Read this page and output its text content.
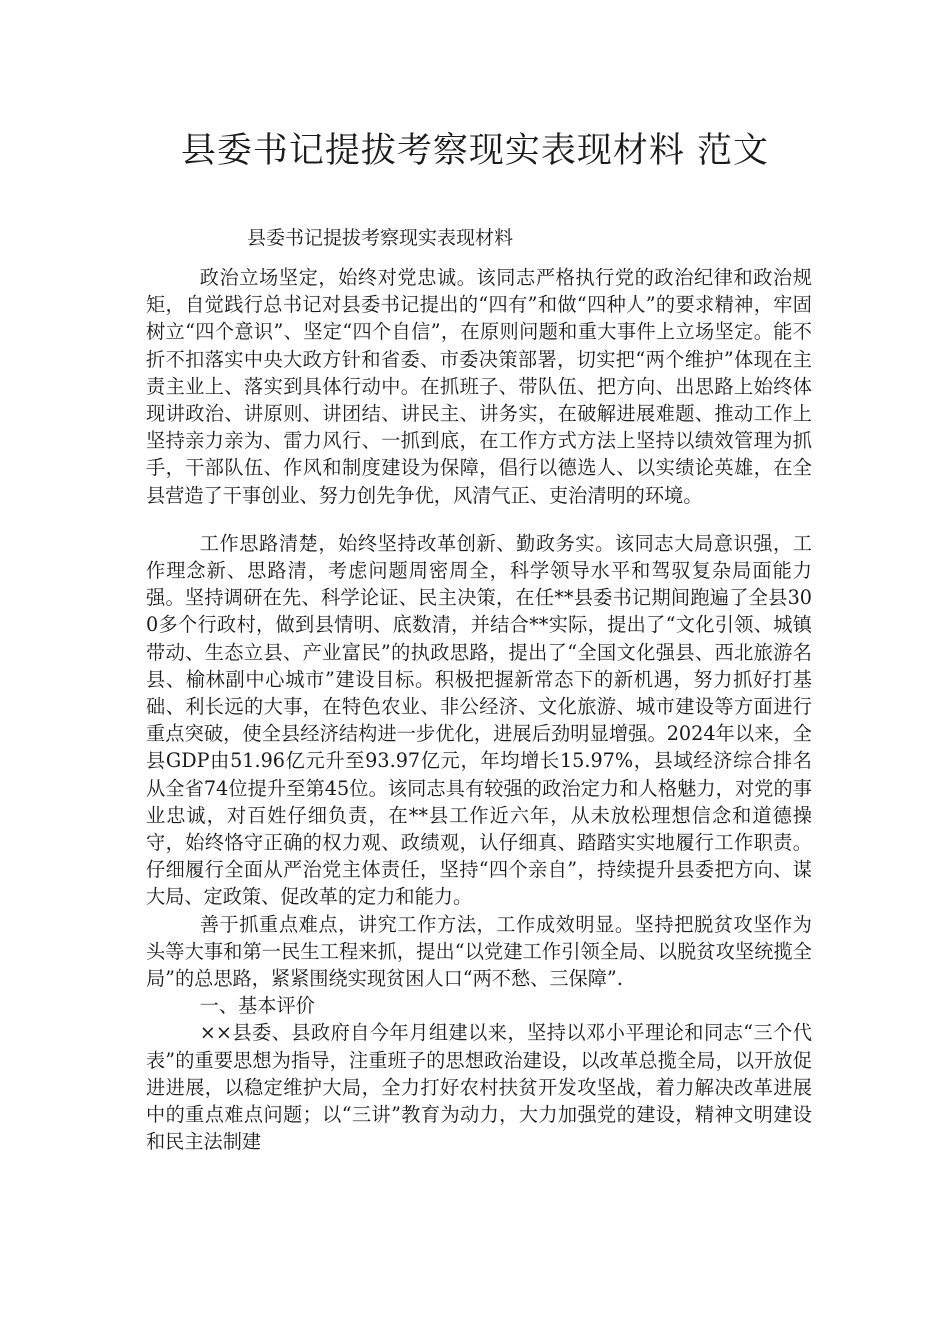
县委书记提拔考察现实表现材料 范文
县委书记提拔考察现实表现材料

政治立场坚定，始终对党忠诚。该同志严格执行党的政治纪律和政治规矩，自觉践行总书记对县委书记提出的“四有”和做“四种人”的要求精神，牢固树立“四个意识”、坚定“四个自信”，在原则问题和重大事件上立场坚定。能不折不扣落实中央大政方针和省委、市委决策部署，切实把“两个维护”体现在主责主业上、落实到具体行动中。在抓班子、带队伍、把方向、出思路上始终体现讲政治、讲原则、讲团结、讲民主、讲务实，在破解进展难题、推动工作上坚持亲力亲为、雷力风行、一抓到底，在工作方式方法上坚持以绩效管理为抓手，干部队伍、作风和制度建设为保障，倡行以德选人、以实绩论英雄，在全县营造了干事创业、努力创先争优，风清气正、吏治清明的环境。

工作思路清楚，始终坚持改革创新、勤政务实。该同志大局意识强，工作理念新、思路清，考虑问题周密周全，科学领导水平和驾驭复杂局面能力强。坚持调研在先、科学论证、民主决策，在任**县委书记期间跑遍了全县300多个行政村，做到县情明、底数清，并结合**实际，提出了“文化引领、城镇带动、生态立县、产业富民”的执政思路，提出了“全国文化强县、西北旅游名县、榆林副中心城市”建设目标。积极把握新常态下的新机遇，努力抓好打基础、利长远的大事，在特色农业、非公经济、文化旅游、城市建设等方面进行重点突破，使全县经济结构进一步优化，进展后劲明显增强。2024年以来，全县GDP由51.96亿元升至93.97亿元，年均增长15.97%，县域经济综合排名从全省74位提升至第45位。该同志具有较强的政治定力和人格魅力，对党的事业忠诚，对百姓仔细负责，在**县工作近六年，从未放松理想信念和道德操守，始终恪守正确的权力观、政绩观，认仔细真、踏踏实实地履行工作职责。仔细履行全面从严治党主体责任，坚持“四个亲自”，持续提升县委把方向、谋大局、定政策、促改革的定力和能力。

善于抓重点难点，讲究工作方法，工作成效明显。坚持把脱贫攻坚作为头等大事和第一民生工程来抓，提出“以党建工作引领全局、以脱贫攻坚统揽全局”的总思路，紧紧围绕实现贫困人口“两不愁、三保障”.

一、基本评价

××县委、县政府自今年月组建以来，坚持以邓小平理论和同志“三个代表”的重要思想为指导，注重班子的思想政治建设，以改革总揽全局，以开放促进进展，以稳定维护大局，全力打好农村扶贫开发攻坚战，着力解决改革进展中的重点难点问题；以“三讲”教育为动力，大力加强党的建设，精神文明建设和民主法制建
